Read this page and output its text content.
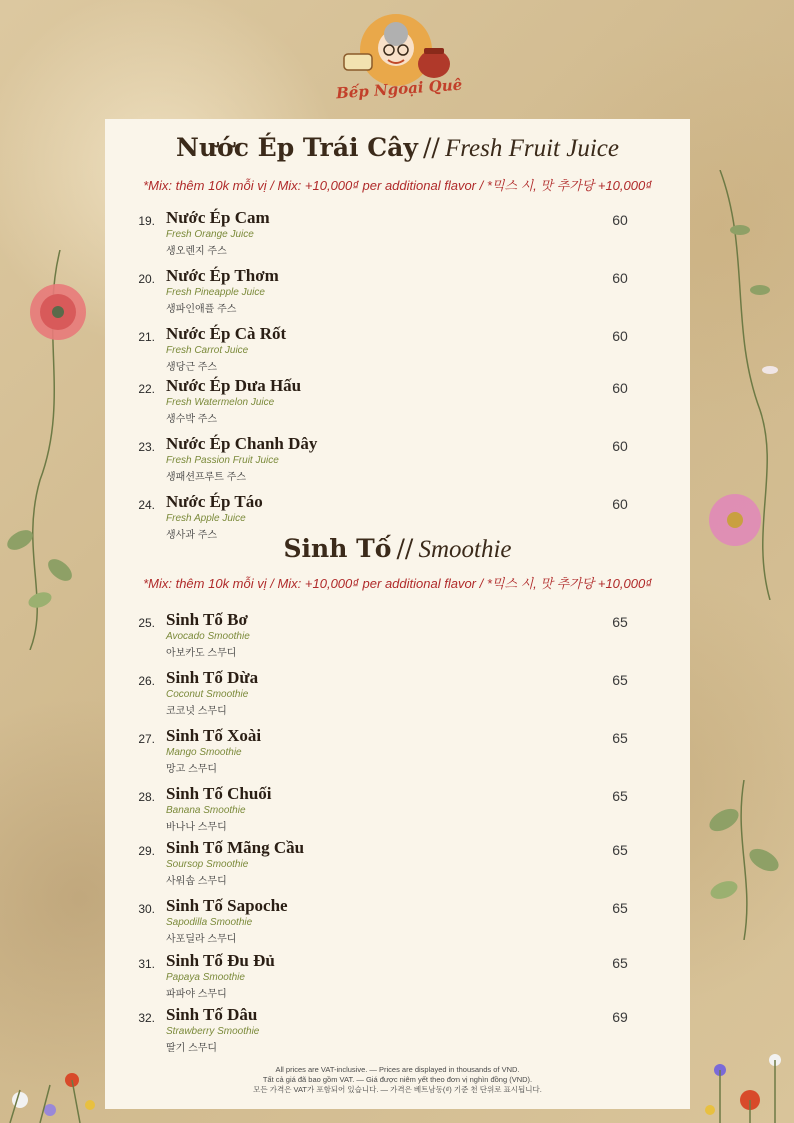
Bếp Ngoại Quê
Nước Ép Trái Cây // Fresh Fruit Juice
*Mix: thêm 10k mỗi vị / Mix: +10,000₫ per additional flavor / *믹스 시, 맛 추가당 +10,000₫
19. Nước Ép Cam
Fresh Orange Juice
생오렌지 주스
60
20. Nước Ép Thơm
Fresh Pineapple Juice
생파인애플 주스
60
21. Nước Ép Cà Rốt
Fresh Carrot Juice
생당근 주스
60
22. Nước Ép Dưa Hấu
Fresh Watermelon Juice
생수박 주스
60
23. Nước Ép Chanh Dây
Fresh Passion Fruit Juice
생패션프루트 주스
60
24. Nước Ép Táo
Fresh Apple Juice
생사과 주스
60
Sinh Tố // Smoothie
*Mix: thêm 10k mỗi vị / Mix: +10,000₫ per additional flavor / *믹스 시, 맛 추가당 +10,000₫
25. Sinh Tố Bơ
Avocado Smoothie
아보카도 스무디
65
26. Sinh Tố Dừa
Coconut Smoothie
코코넛 스무디
65
27. Sinh Tố Xoài
Mango Smoothie
망고 스무디
65
28. Sinh Tố Chuối
Banana Smoothie
바나나 스무디
65
29. Sinh Tố Mãng Cầu
Soursop Smoothie
사워솝 스무디
65
30. Sinh Tố Sapoche
Sapodilla Smoothie
사포딜라 스무디
65
31. Sinh Tố Đu Đủ
Papaya Smoothie
파파야 스무디
65
32. Sinh Tố Dâu
Strawberry Smoothie
딸기 스무디
69
All prices are VAT-inclusive. — Prices are displayed in thousands of VND.
Tất cả giá đã bao gồm VAT. — Giá được niêm yết theo đơn vị nghìn đồng (VND).
모든 가격은 VAT가 포함되어 있습니다. — 가격은 베트남동(₫) 기준 천 단위로 표시됩니다.
